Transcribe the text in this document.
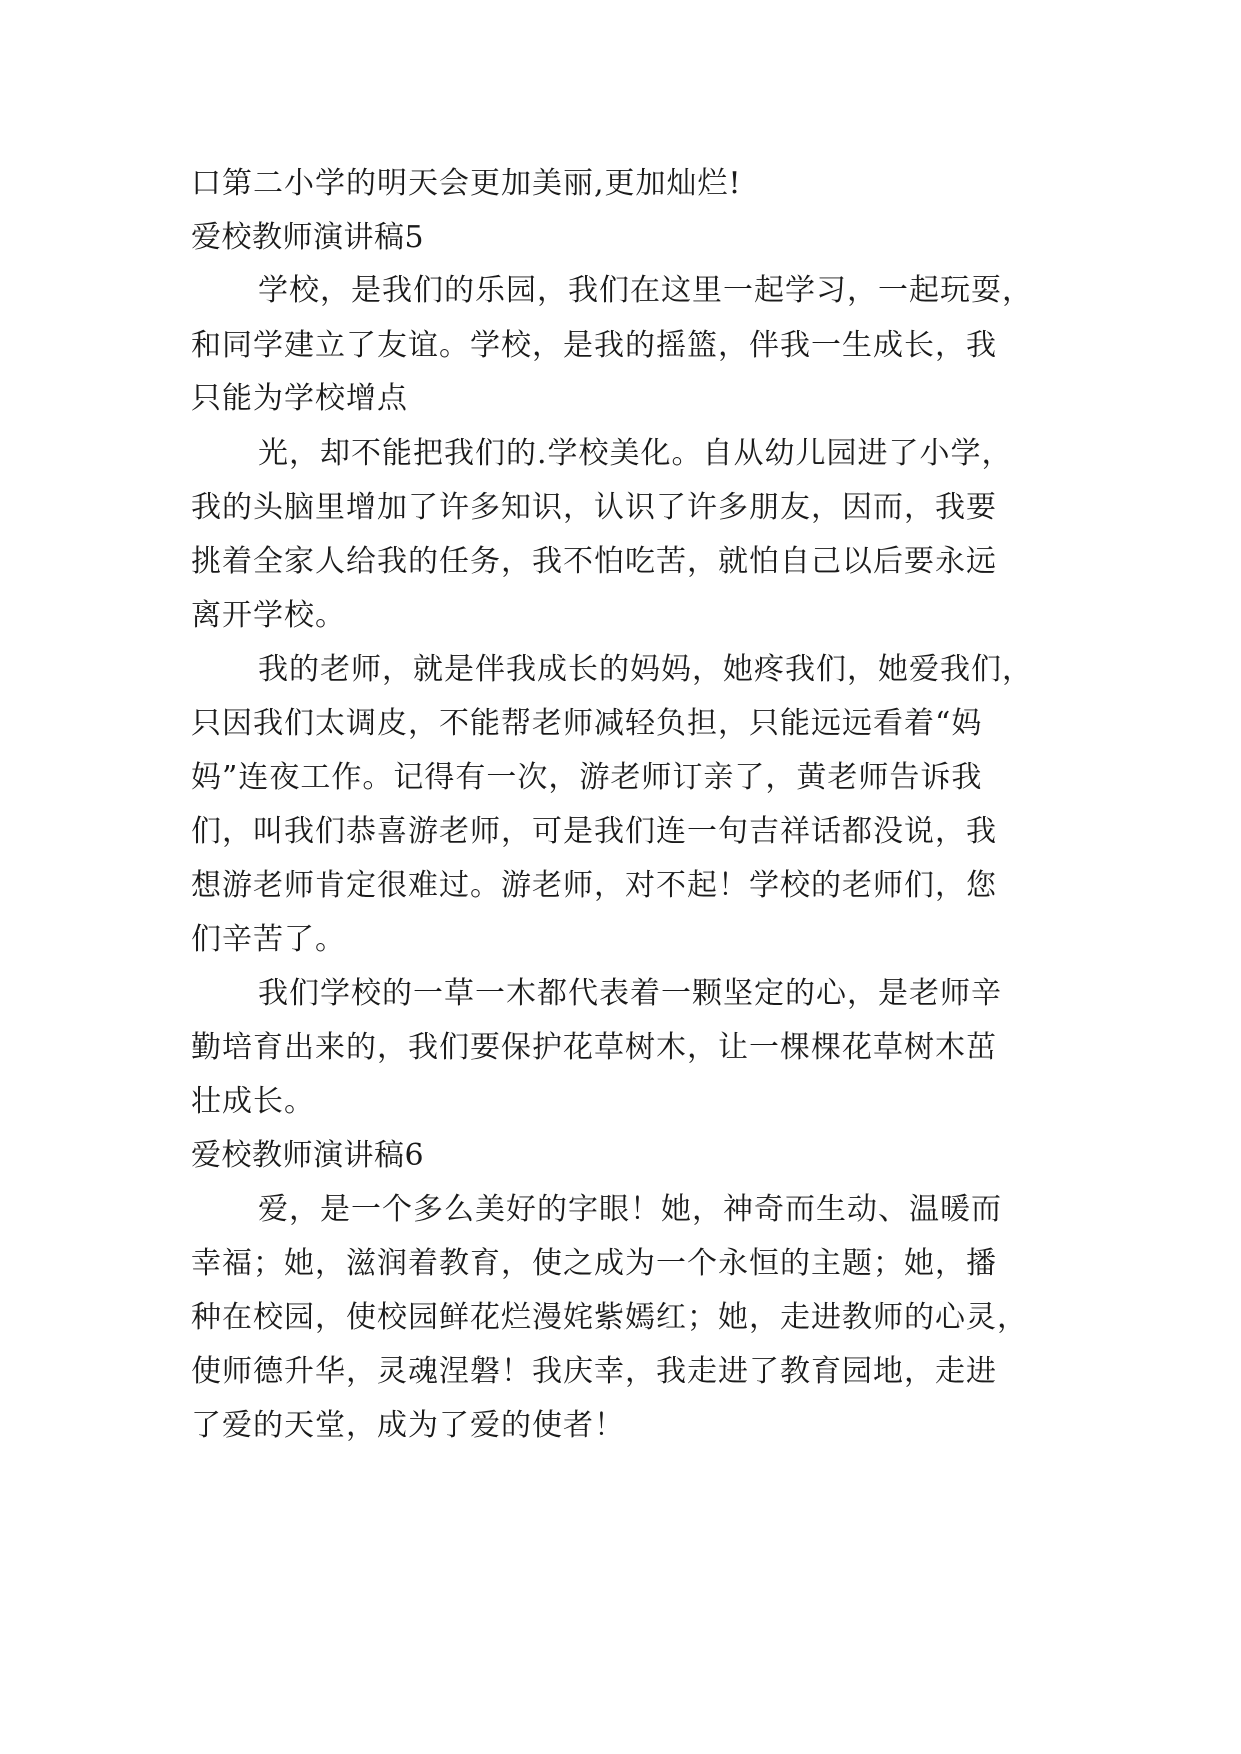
口第二小学的明天会更加美丽,更加灿烂!
爱校教师演讲稿5
学校，是我们的乐园，我们在这里一起学习，一起玩耍，
和同学建立了友谊。学校，是我的摇篮，伴我一生成长，我
只能为学校增点
光，却不能把我们的.学校美化。自从幼儿园进了小学，
我的头脑里增加了许多知识，认识了许多朋友，因而，我要
挑着全家人给我的任务，我不怕吃苦，就怕自己以后要永远
离开学校。
我的老师，就是伴我成长的妈妈，她疼我们，她爱我们，
只因我们太调皮，不能帮老师减轻负担，只能远远看着“妈
妈”连夜工作。记得有一次，游老师订亲了，黄老师告诉我
们，叫我们恭喜游老师，可是我们连一句吉祥话都没说，我
想游老师肯定很难过。游老师，对不起！学校的老师们，您
们辛苦了。
我们学校的一草一木都代表着一颗坚定的心，是老师辛
勤培育出来的，我们要保护花草树木，让一棵棵花草树木茁
壮成长。
爱校教师演讲稿6
爱，是一个多么美好的字眼！她，神奇而生动、温暖而
幸福；她，滋润着教育，使之成为一个永恒的主题；她，播
种在校园，使校园鲜花烂漫姹紫嫣红；她，走进教师的心灵，
使师德升华，灵魂涅磐！我庆幸，我走进了教育园地，走进
了爱的天堂，成为了爱的使者！
